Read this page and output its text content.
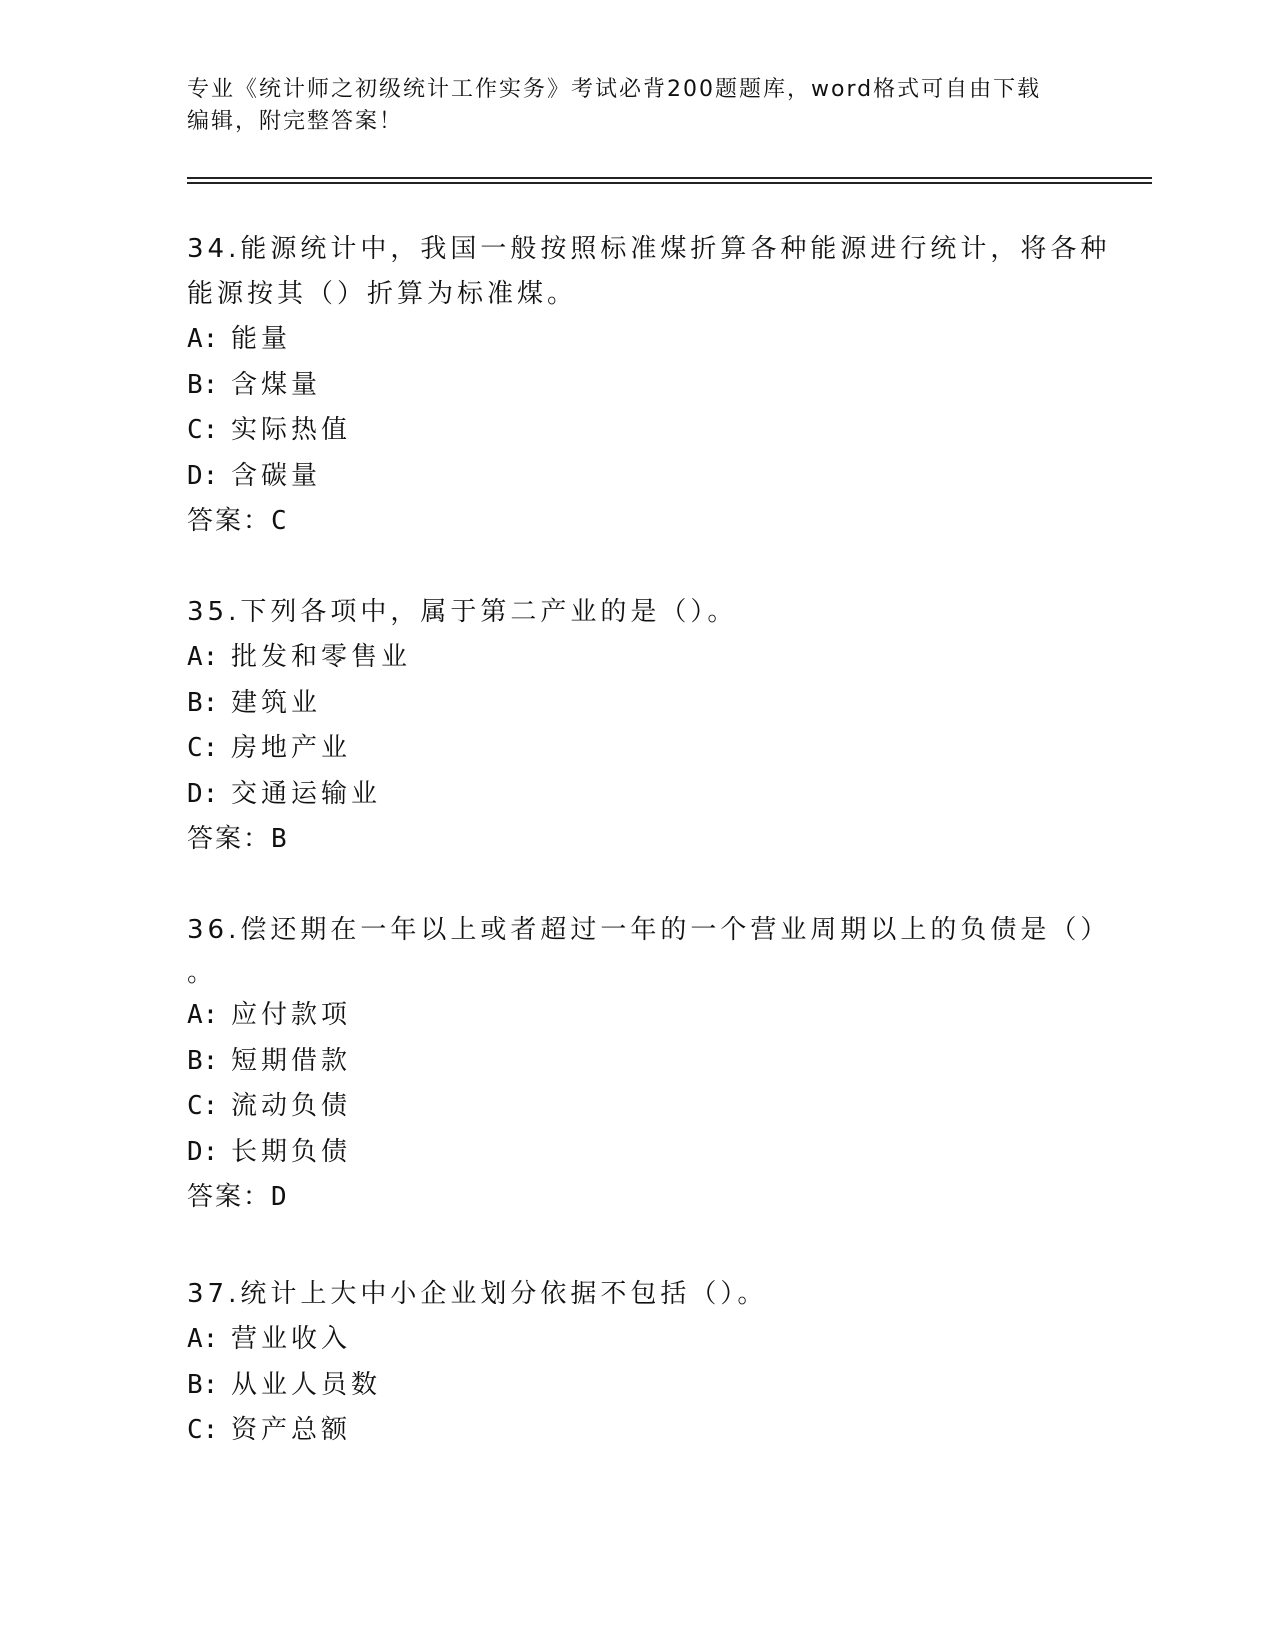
专业《统计师之初级统计工作实务》考试必背200题题库，word格式可自由下载
编辑，附完整答案！
34.能源统计中，我国一般按照标准煤折算各种能源进行统计，将各种
能源按其（）折算为标准煤。
A: 能量
B: 含煤量
C: 实际热值
D: 含碳量
答案：C
35.下列各项中，属于第二产业的是（）。
A: 批发和零售业
B: 建筑业
C: 房地产业
D: 交通运输业
答案：B
36.偿还期在一年以上或者超过一年的一个营业周期以上的负债是（）
。
A: 应付款项
B: 短期借款
C: 流动负债
D: 长期负债
答案：D
37.统计上大中小企业划分依据不包括（）。
A: 营业收入
B: 从业人员数
C: 资产总额
